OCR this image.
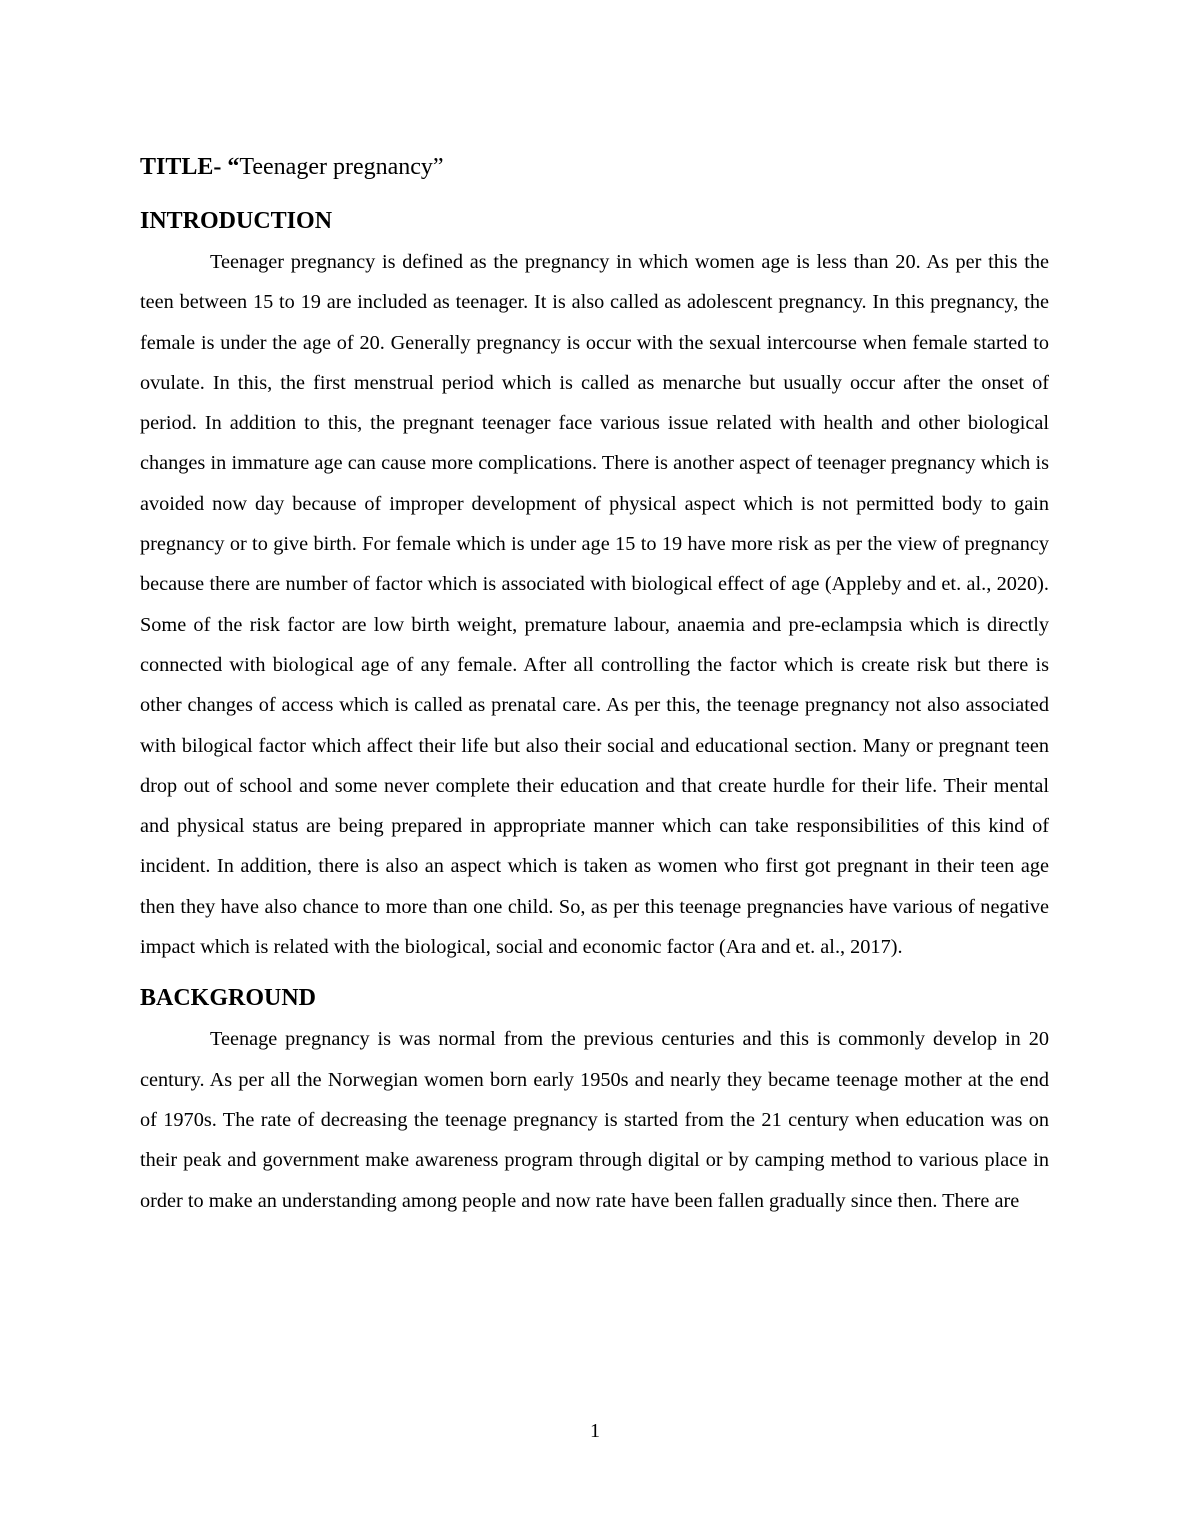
TITLE- “Teenager pregnancy”
INTRODUCTION

Teenager pregnancy is defined as the pregnancy in which women age is less than 20. As per this the teen between 15 to 19 are included as teenager. It is also called as adolescent pregnancy. In this pregnancy, the female is under the age of 20. Generally pregnancy is occur with the sexual intercourse when female started to ovulate. In this, the first menstrual period which is called as menarche but usually occur after the onset of period. In addition to this, the pregnant teenager face various issue related with health and other biological changes in immature age can cause more complications. There is another aspect of teenager pregnancy which is avoided now day because of improper development of physical aspect which is not permitted body to gain pregnancy or to give birth. For female which is under age 15 to 19 have more risk as per the view of pregnancy because there are number of factor which is associated with biological effect of age (Appleby and et. al., 2020). Some of the risk factor are low birth weight, premature labour, anaemia and pre-eclampsia which is directly connected with biological age of any female. After all controlling the factor which is create risk but there is other changes of access which is called as prenatal care. As per this, the teenage pregnancy not also associated with bilogical factor which affect their life but also their social and educational section. Many or pregnant teen drop out of school and some never complete their education and that create hurdle for their life. Their mental and physical status are being prepared in appropriate manner which can take responsibilities of this kind of incident. In addition, there is also an aspect which is taken as women who first got pregnant in their teen age then they have also chance to more than one child. So, as per this teenage pregnancies have various of negative impact which is related with the biological, social and economic factor (Ara and et. al., 2017).

BACKGROUND

Teenage pregnancy is was normal from the previous centuries and this is commonly develop in 20 century. As per all the Norwegian women born early 1950s and nearly they became teenage mother at the end of 1970s. The rate of decreasing the teenage pregnancy is started from the 21 century when education was on their peak and government make awareness program through digital or by camping method to various place in order to make an understanding among people and now rate have been fallen gradually since then. There are

1
